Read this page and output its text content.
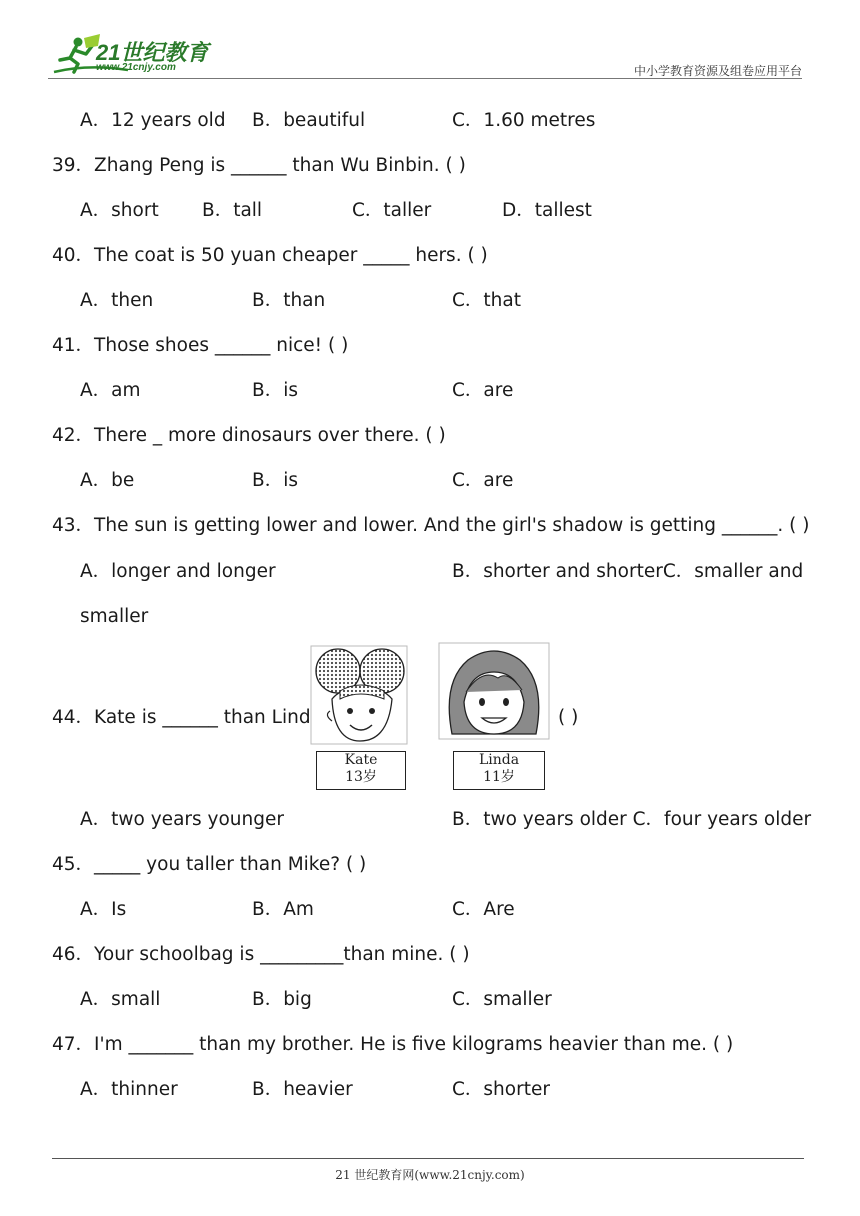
21世纪教育
www.21cnjy.com	中小学教育资源及组卷应用平台
A．12 years old B．beautiful	C．1.60 metres
39．Zhang Peng is ______ than Wu Binbin. ( )
A．short B．tall	C．taller	D．tallest
40．The coat is 50 yuan cheaper _____ hers. ( )
A．then	B．than	C．that
41．Those shoes ______ nice! ( )
A．am	B．is	C．are
42．There _ more dinosaurs over there. ( )
A．be	B．is	C．are
43．The sun is getting lower and lower. And the girl's shadow is getting ______. ( )
A．longer and longer	B．shorter and shorterC．smaller and
smaller
44．Kate is ______ than Linda.
Kate
13岁
Linda
11岁
( )
A．two years younger	B．two years older C．four years older
45．_____ you taller than Mike? ( )
A．Is	B．Am	C．Are
46．Your schoolbag is _________than mine. ( )
A．small	B．big	C．smaller
47．I'm _______ than my brother. He is five kilograms heavier than me. ( )
A．thinner	B．heavier	C．shorter
21 世纪教育网(www.21cnjy.com)
